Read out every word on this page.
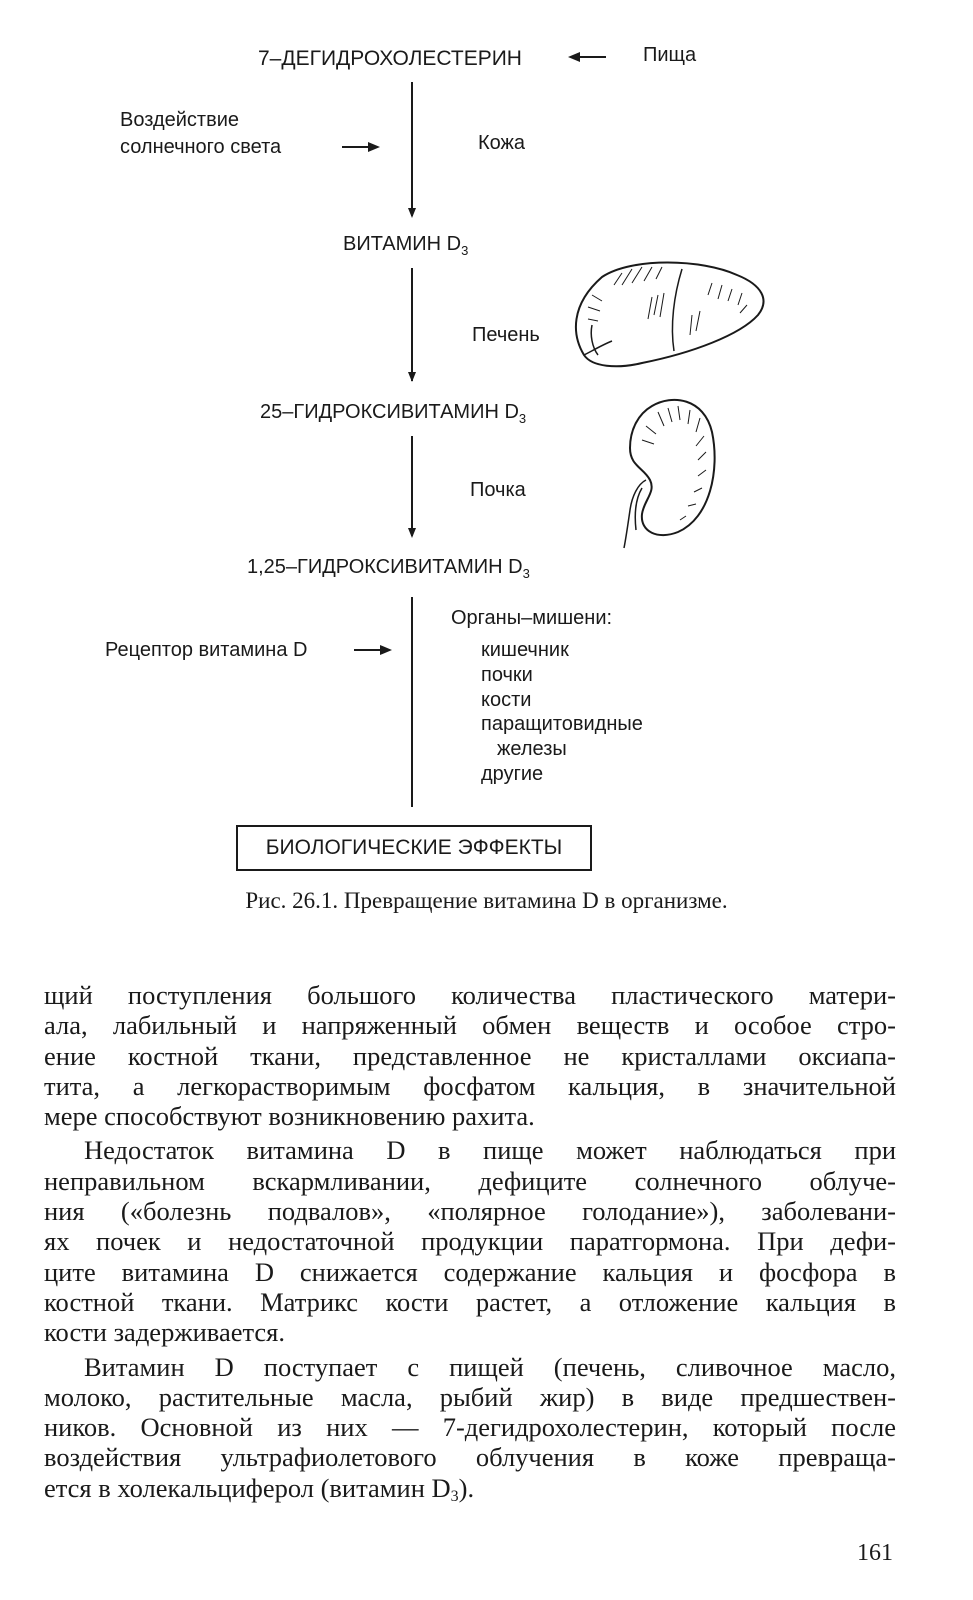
7–ДЕГИДРОХОЛЕСТЕРИН	Пища
Воздействие
солнечного света	Кожа
ВИТАМИН $D_3$
Печень
25–ГИДРОКСИВИТАМИН $D_3$
Почка
1,25–ГИДРОКСИВИТАМИН $D_3$
Рецептор витамина D
Органы–мишени:
кишечник
почки
кости
паращитовидные
железы
другие
БИОЛОГИЧЕСКИЕ ЭФФЕКТЫ
Рис. 26.1. Превращение витамина D в организме.

щий поступления большого количества пластического матери-
ала, лабильный и напряженный обмен веществ и особое стро-
ение костной ткани, представленное не кристаллами оксиапа-
тита, а легкорастворимым фосфатом кальция, в значительной
мере способствуют возникновению рахита.

Недостаток витамина D в пище может наблюдаться при
неправильном вскармливании, дефиците солнечного облуче-
ния («болезнь подвалов», «полярное голодание»), заболевани-
ях почек и недостаточной продукции паратгормона. При дефи-
ците витамина D снижается содержание кальция и фосфора в
костной ткани. Матрикс кости растет, а отложение кальция в
кости задерживается.

Витамин D поступает с пищей (печень, сливочное масло,
молоко, растительные масла, рыбий жир) в виде предшествен-
ников. Основной из них — 7-дегидрохолестерин, который после
воздействия ультрафиолетового облучения в коже превраща-
ется в холекальциферол (витамин $D_3$).

161
